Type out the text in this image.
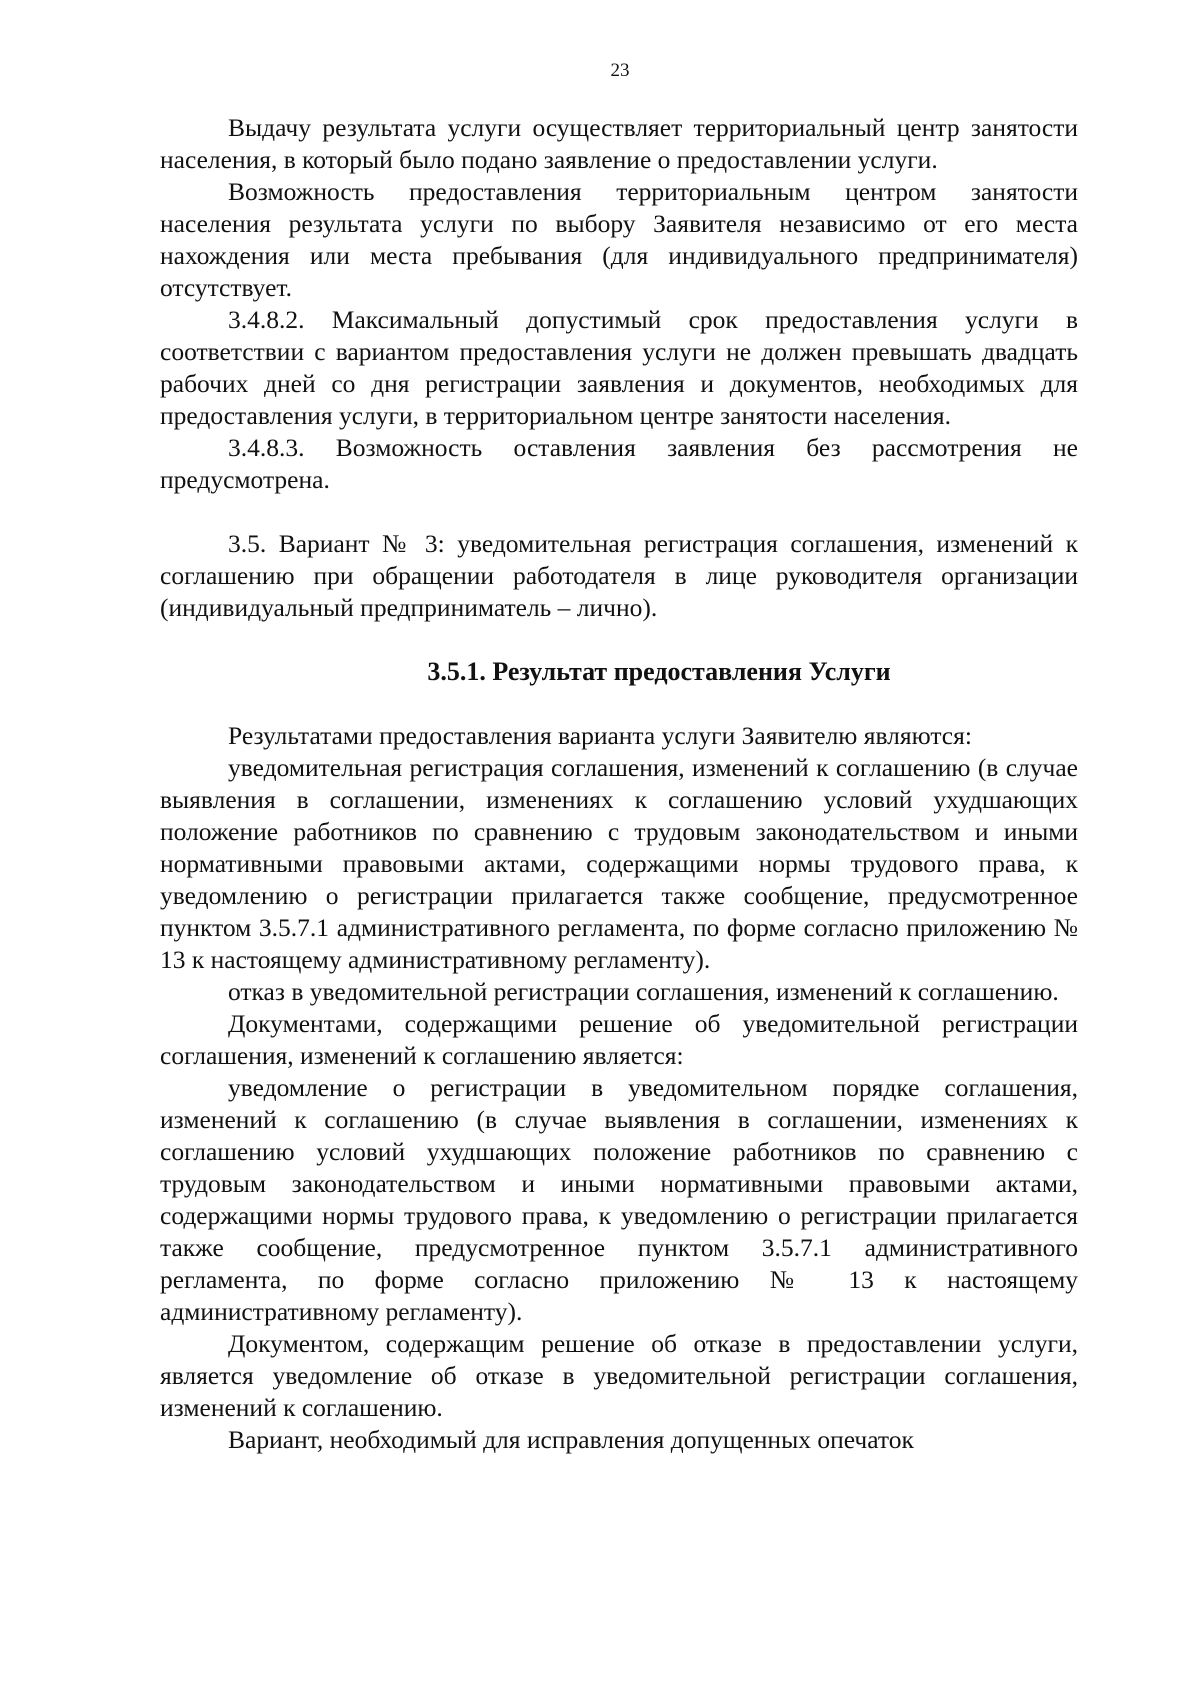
23

Выдачу результата услуги осуществляет территориальный центр занятости населения, в который было подано заявление о предоставлении услуги.

Возможность предоставления территориальным центром занятости населения результата услуги по выбору Заявителя независимо от его места нахождения или места пребывания (для индивидуального предпринимателя) отсутствует.

3.4.8.2. Максимальный допустимый срок предоставления услуги в соответствии с вариантом предоставления услуги не должен превышать двадцать рабочих дней со дня регистрации заявления и документов, необходимых для предоставления услуги, в территориальном центре занятости населения.

3.4.8.3. Возможность оставления заявления без рассмотрения не предусмотрена.

3.5. Вариант № 3: уведомительная регистрация соглашения, изменений к соглашению при обращении работодателя в лице руководителя организации (индивидуальный предприниматель – лично).

3.5.1. Результат предоставления Услуги

Результатами предоставления варианта услуги Заявителю являются:

уведомительная регистрация соглашения, изменений к соглашению (в случае выявления в соглашении, изменениях к соглашению условий ухудшающих положение работников по сравнению с трудовым законодательством и иными нормативными правовыми актами, содержащими нормы трудового права, к уведомлению о регистрации прилагается также сообщение, предусмотренное пунктом 3.5.7.1 административного регламента, по форме согласно приложению № 13 к настоящему административному регламенту).

отказ в уведомительной регистрации соглашения, изменений к соглашению.

Документами, содержащими решение об уведомительной регистрации соглашения, изменений к соглашению является:

уведомление о регистрации в уведомительном порядке соглашения, изменений к соглашению (в случае выявления в соглашении, изменениях к соглашению условий ухудшающих положение работников по сравнению с трудовым законодательством и иными нормативными правовыми актами, содержащими нормы трудового права, к уведомлению о регистрации прилагается также сообщение, предусмотренное пунктом 3.5.7.1 административного регламента, по форме согласно приложению № 13 к настоящему административному регламенту).

Документом, содержащим решение об отказе в предоставлении услуги, является уведомление об отказе в уведомительной регистрации соглашения, изменений к соглашению.

Вариант, необходимый для исправления допущенных опечаток
